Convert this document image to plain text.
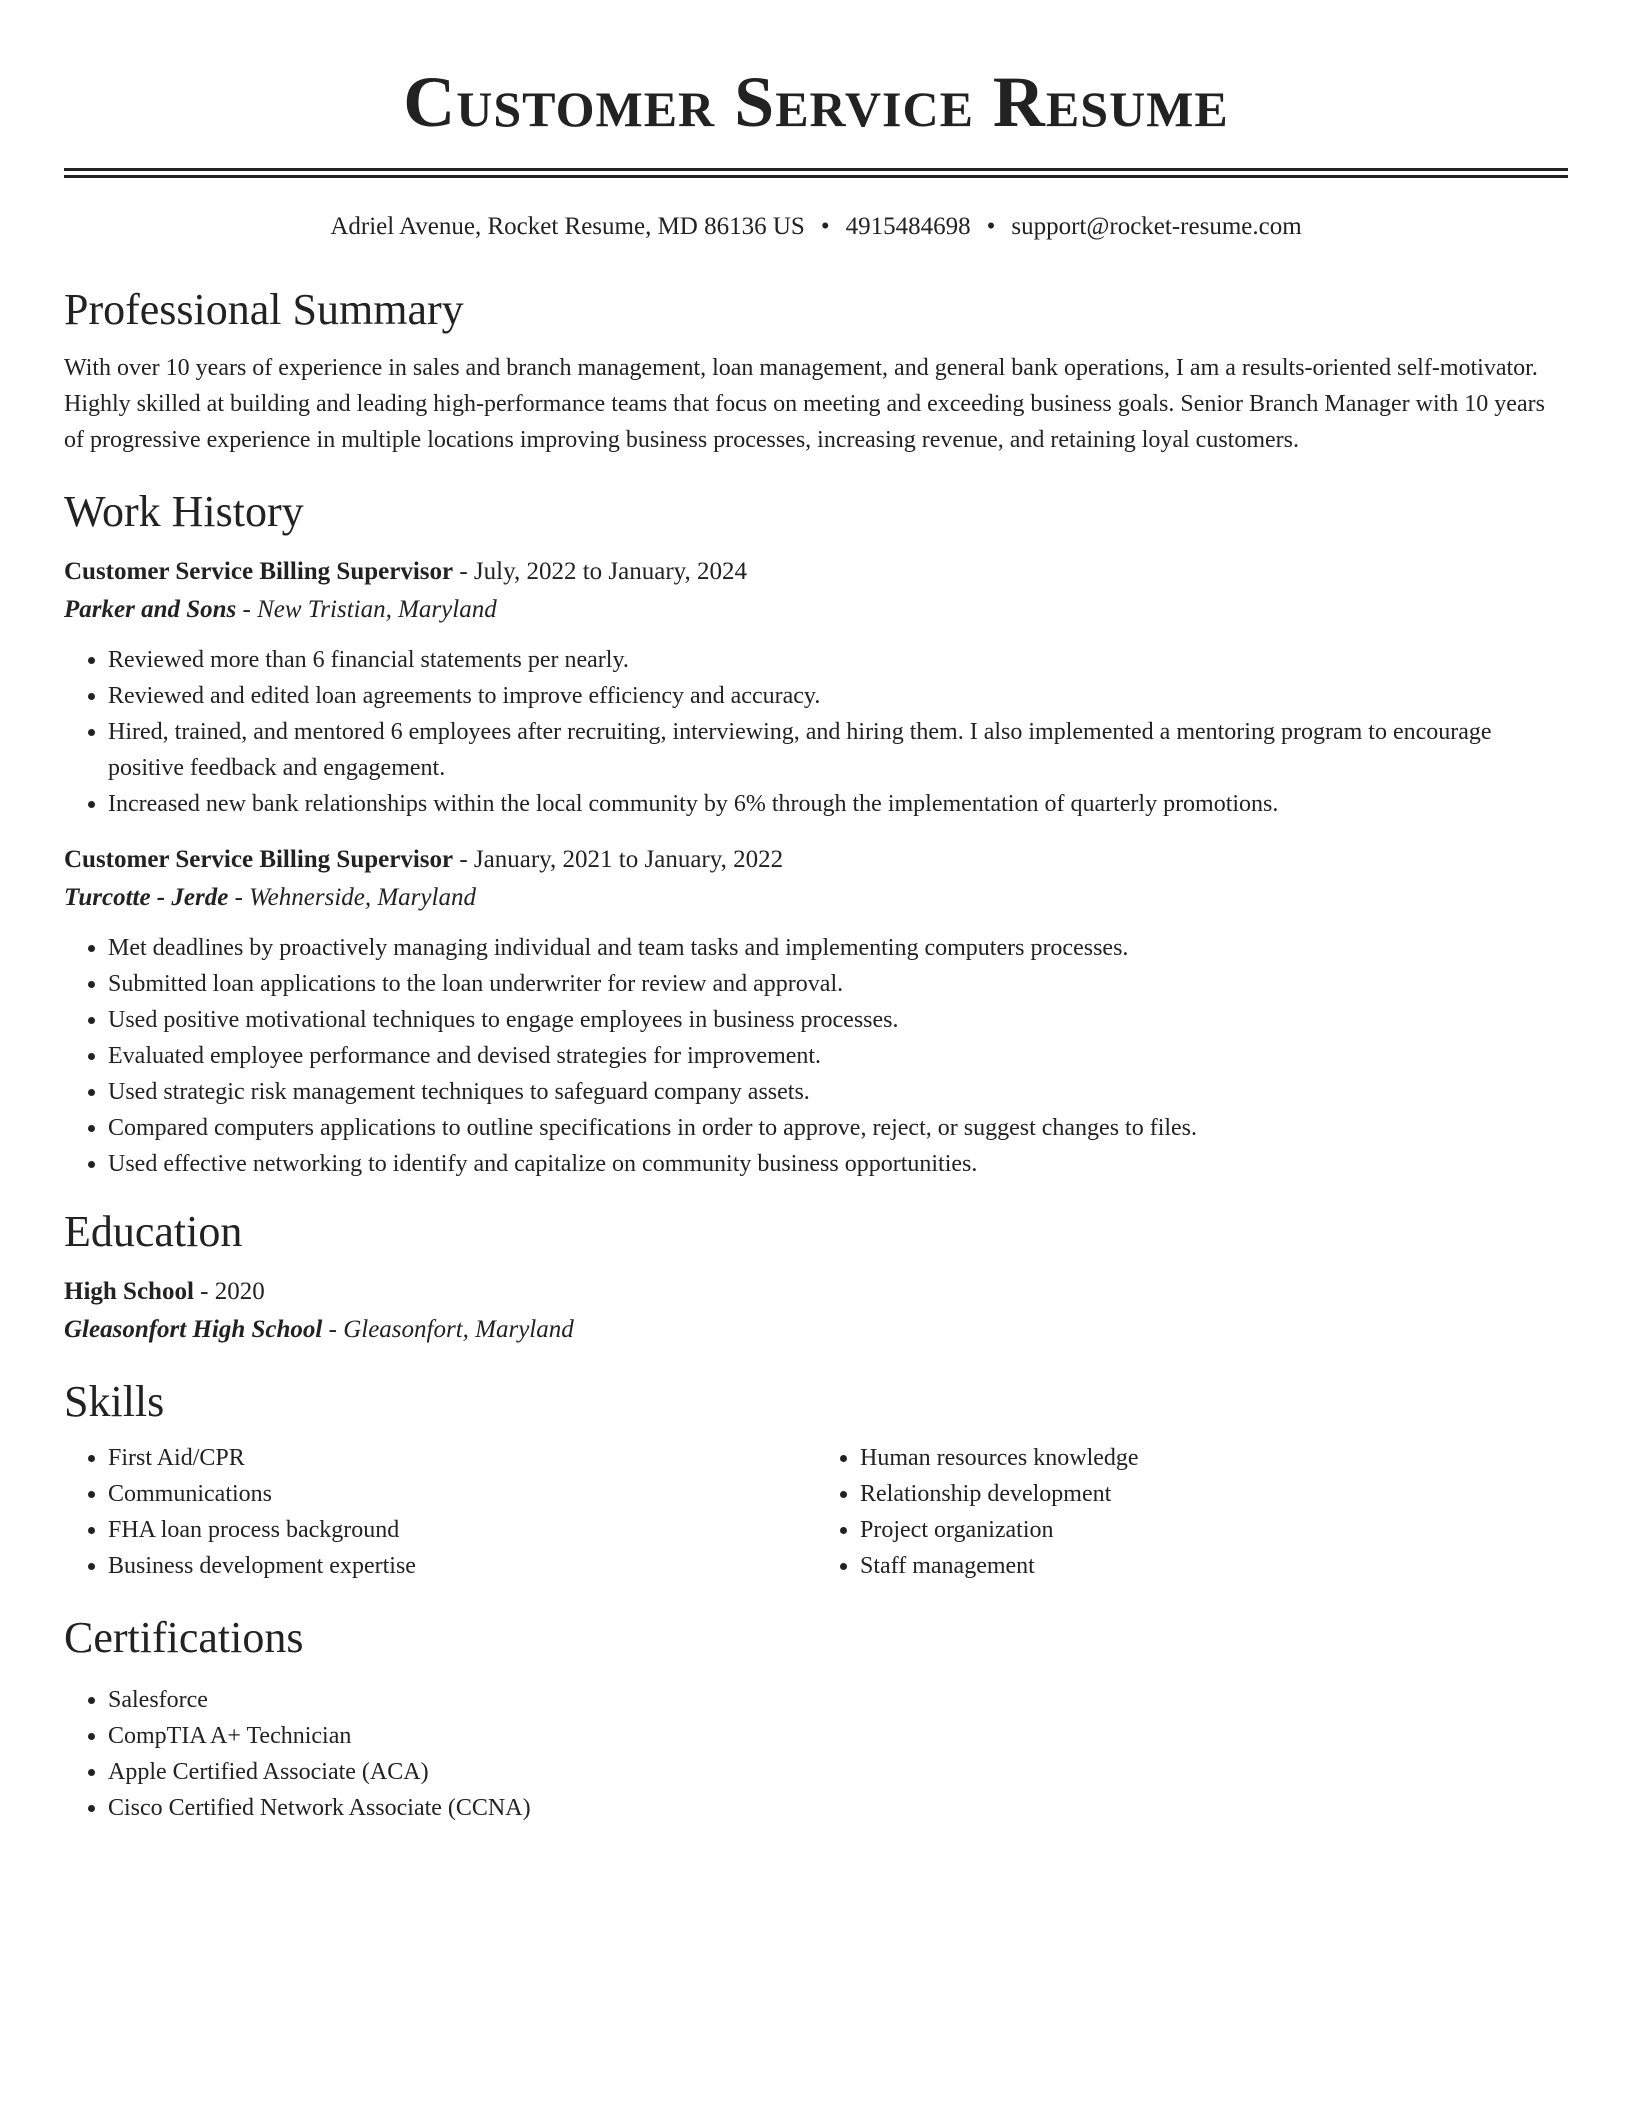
Customer Service Resume
Adriel Avenue, Rocket Resume, MD 86136 US • 4915484698 • support@rocket-resume.com
Professional Summary

With over 10 years of experience in sales and branch management, loan management, and general bank operations, I am a results-oriented self-motivator. Highly skilled at building and leading high-performance teams that focus on meeting and exceeding business goals. Senior Branch Manager with 10 years of progressive experience in multiple locations improving business processes, increasing revenue, and retaining loyal customers.

Work History
Customer Service Billing Supervisor - July, 2022 to January, 2024
Parker and Sons - New Tristian, Maryland
• Reviewed more than 6 financial statements per nearly.
• Reviewed and edited loan agreements to improve efficiency and accuracy.
• Hired, trained, and mentored 6 employees after recruiting, interviewing, and hiring them. I also implemented a mentoring program to encourage positive feedback and engagement.
• Increased new bank relationships within the local community by 6% through the implementation of quarterly promotions.
Customer Service Billing Supervisor - January, 2021 to January, 2022
Turcotte - Jerde - Wehnerside, Maryland
• Met deadlines by proactively managing individual and team tasks and implementing computers processes.
• Submitted loan applications to the loan underwriter for review and approval.
• Used positive motivational techniques to engage employees in business processes.
• Evaluated employee performance and devised strategies for improvement.
• Used strategic risk management techniques to safeguard company assets.
• Compared computers applications to outline specifications in order to approve, reject, or suggest changes to files.
• Used effective networking to identify and capitalize on community business opportunities.
Education
High School - 2020
Gleasonfort High School - Gleasonfort, Maryland
Skills
• First Aid/CPR
• Communications
• FHA loan process background
• Business development expertise
• Human resources knowledge
• Relationship development
• Project organization
• Staff management
Certifications
• Salesforce
• CompTIA A+ Technician
• Apple Certified Associate (ACA)
• Cisco Certified Network Associate (CCNA)
